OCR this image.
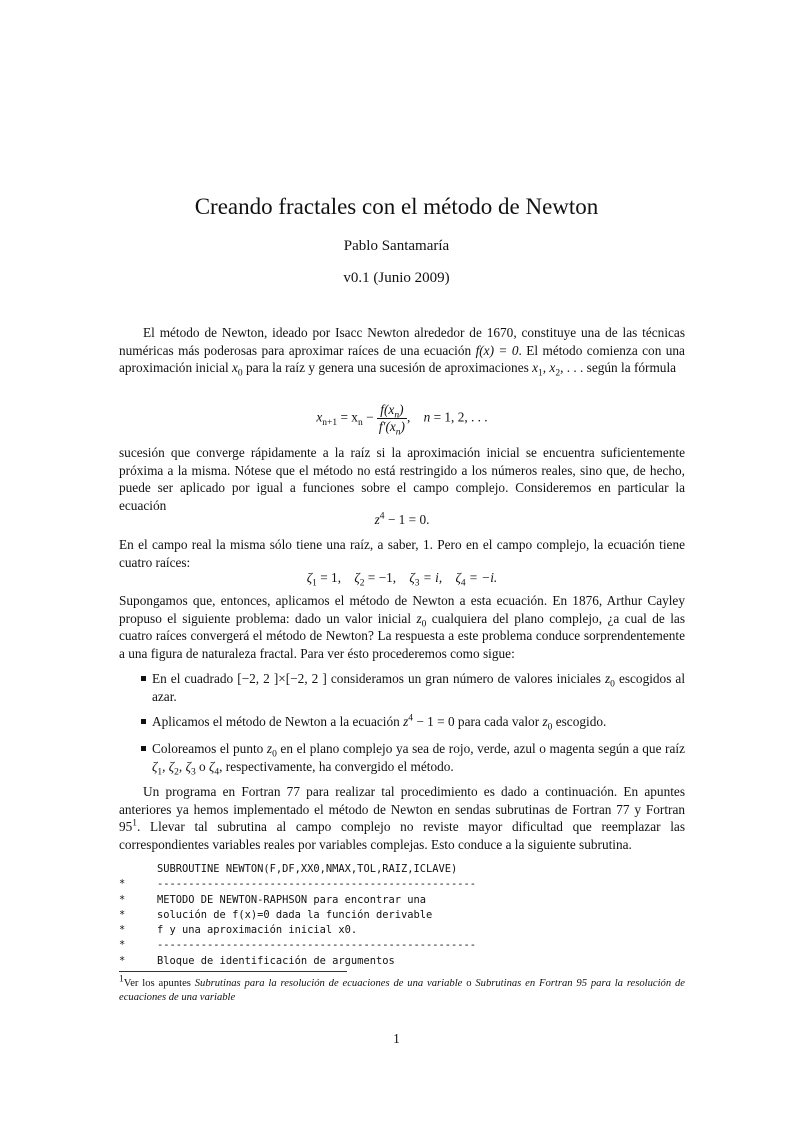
Creando fractales con el método de Newton
Pablo Santamaría
v0.1 (Junio 2009)

El método de Newton, ideado por Isacc Newton alrededor de 1670, constituye una de las técnicas numéricas más poderosas para aproximar raíces de una ecuación f(x) = 0. El método comienza con una aproximación inicial $x_0$ para la raíz y genera una sucesión de aproximaciones $x_1$, $x_2$, . . . según la fórmula

$x_{n+1} = x_n - \frac{f(x_n)}{f'(x_n)}$ , n = 1, 2, . . .

sucesión que converge rápidamente a la raíz si la aproximación inicial se encuentra suficientemente próxima a la misma. Nótese que el método no está restringido a los números reales, sino que, de hecho, puede ser aplicado por igual a funciones sobre el campo complejo. Consideremos en particular la ecuación

$z^4 - 1 = 0$.

En el campo real la misma sólo tiene una raíz, a saber, 1. Pero en el campo complejo, la ecuación tiene cuatro raíces:

$\zeta_1 = 1$, $\zeta_2 = -1$, $\zeta_3 = i$, $\zeta_4 = -i$.

Supongamos que, entonces, aplicamos el método de Newton a esta ecuación. En 1876, Arthur Cayley propuso el siguiente problema: dado un valor inicial $z_0$ cualquiera del plano complejo, ¿a cual de las cuatro raíces convergerá el método de Newton? La respuesta a este problema conduce sorprendentemente a una figura de naturaleza fractal. Para ver ésto procederemos como sigue:

En el cuadrado [−2, 2 ]×[−2, 2 ] consideramos un gran número de valores iniciales $z_0$ escogidos al azar.
Aplicamos el método de Newton a la ecuación $z^4 - 1 = 0$ para cada valor $z_0$ escogido.
Coloreamos el punto $z_0$ en el plano complejo ya sea de rojo, verde, azul o magenta según a que raíz $\zeta_1$, $\zeta_2$, $\zeta_3$ o $\zeta_4$, respectivamente, ha convergido el método.

Un programa en Fortran 77 para realizar tal procedimiento es dado a continuación. En apuntes anteriores ya hemos implementado el método de Newton en sendas subrutinas de Fortran 77 y Fortran $95^1$. Llevar tal subrutina al campo complejo no reviste mayor dificultad que reemplazar las correspondientes variables reales por variables complejas. Esto conduce a la siguiente subrutina.

SUBROUTINE NEWTON(F,DF,XX0,NMAX,TOL,RAIZ,ICLAVE)
*	---------------------------------------------------
*	METODO DE NEWTON-RAPHSON para encontrar una
*	solución de f(x)=0 dada la función derivable
*	f y una aproximación inicial x0.
*	---------------------------------------------------
*	Bloque de identificación de argumentos
$^1$Ver los apuntes Subrutinas para la resolución de ecuaciones de una variable o Subrutinas en Fortran 95 para la resolución de ecuaciones de una variable
1
